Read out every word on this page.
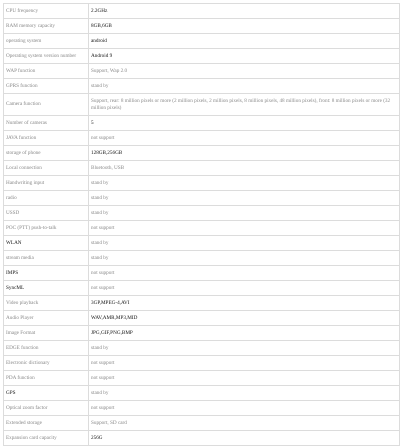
CPU frequency	2.2GHz
RAM memory capacity	8GB,6GB
operating system	android
Operating system version number	Android 9
WAP function	Support, Wap 2.0
GPRS function	stand by
Camera function	Support, rear: 8 million pixels or more (2 million pixels, 2 million pixels, 8 million pixels, 48 million pixels), front: 8 million pixels or more (32 million pixels)
Number of cameras	5
JAVA function	not support
storage of phone	128GB,256GB
Local connection	Bluetooth, USB
Handwriting input	stand by
radio	stand by
USSD	stand by
POC (PTT) push-to-talk	not support
WLAN	stand by
stream media	stand by
IMPS	not support
SyncML	not support
Video playback	3GP,MPEG-4,AVI
Audio Player	WAV,AMR,MP3,MID
Image Format	JPG,GIF,PNG,BMP
EDGE function	stand by
Electronic dictionary	not support
PDA function	not support
GPS	stand by
Optical zoom factor	not support
Extended storage	Support, SD card
Expansion card capacity	256G
